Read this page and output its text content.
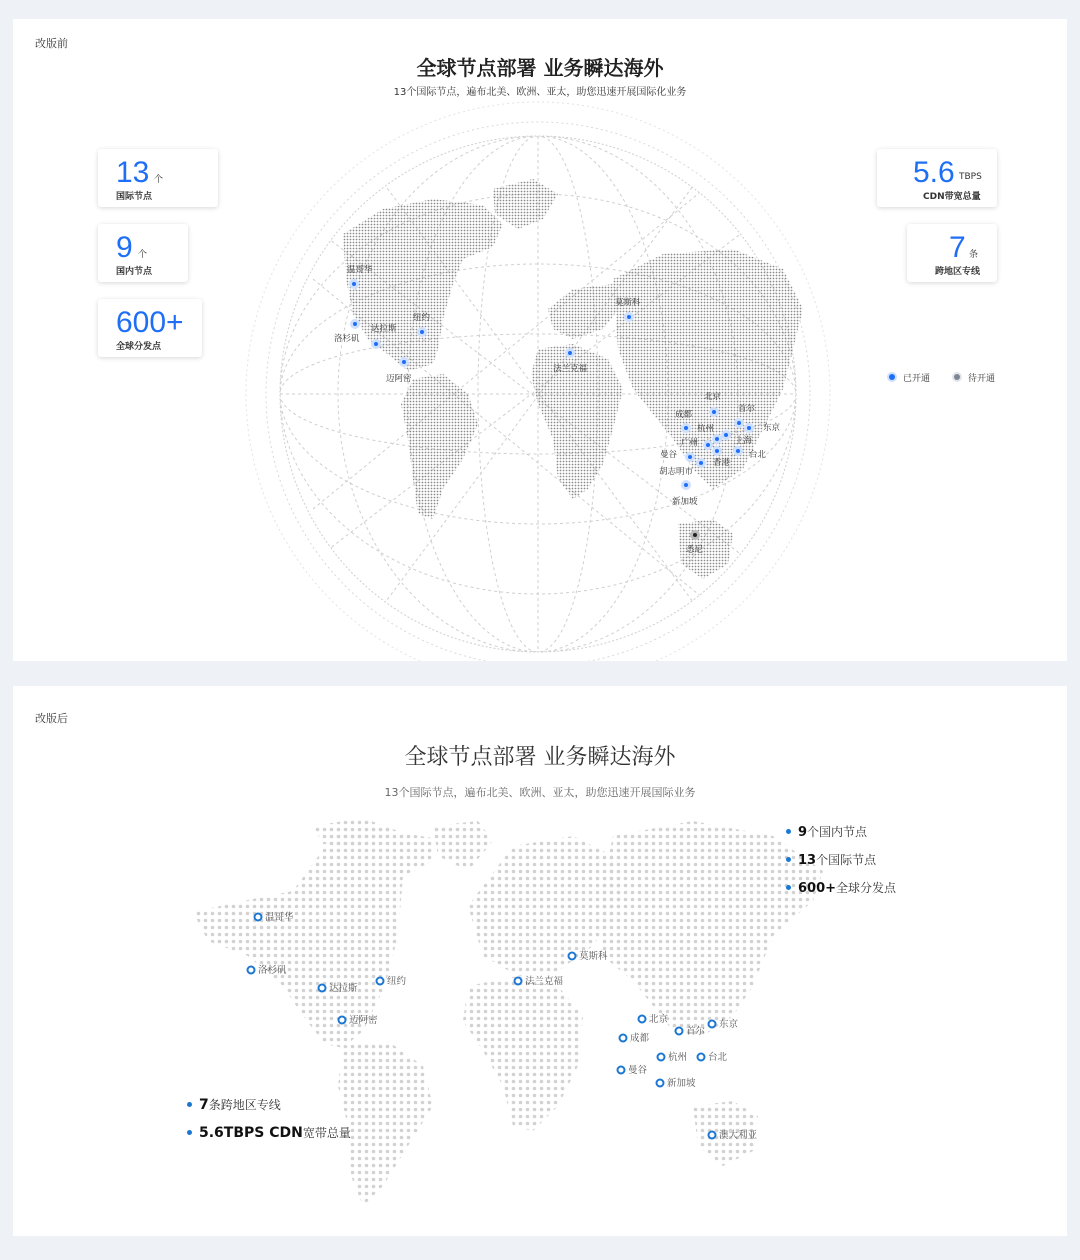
改版前
全球节点部署 业务瞬达海外
13个国际节点，遍布北美、欧洲、亚太，助您迅速开展国际化业务
温哥华
洛杉矶
达拉斯
纽约
迈阿密
莫斯科
法兰克福
北京
首尔
东京
成都
杭州
广州	上海
曼谷
香港
台北
胡志明市
新加坡
悉尼
13 个
国际节点
9 个
国内节点
600+
全球分发点
5.6 TBPS
CDN带宽总量
7 条
跨地区专线
已开通	待开通
改版后
全球节点部署 业务瞬达海外
13个国际节点，遍布北美、欧洲、亚太，助您迅速开展国际业务
温哥华
洛杉矶
达拉斯
纽约
迈阿密
莫斯科
法兰克福
北京
成都
首尔
东京
杭州 台北
曼谷
新加坡
澳大利亚
9个国内节点
13个国际节点
600+全球分发点
7条跨地区专线
5.6TBPS CDN宽带总量
